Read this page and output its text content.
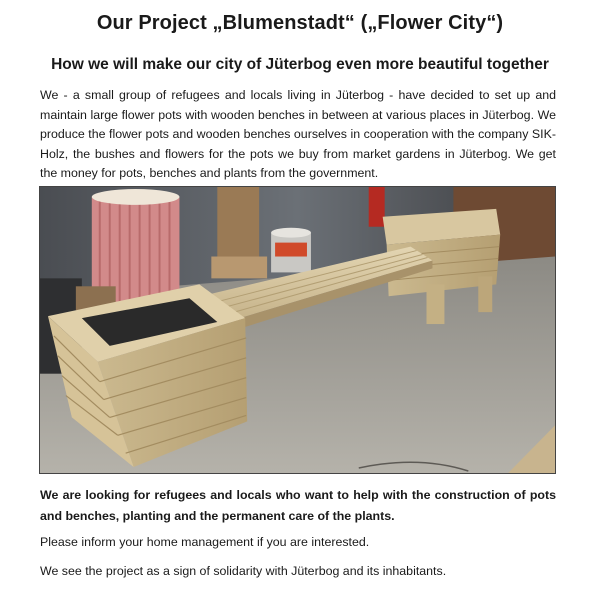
Our Project „Blumenstadt“ („Flower City“)
How we will make our city of Jüterbog even more beautiful together

We - a small group of refugees and locals living in Jüterbog - have decided to set up and maintain large flower pots with wooden benches in between at various places in Jüterbog. We produce the flower pots and wooden benches ourselves in cooperation with the company SIK-Holz, the bushes and flowers for the pots we buy from market gardens in Jüterbog. We get the money for pots, benches and plants from the government.

We are looking for refugees and locals who want to help with the construction of pots and benches, planting and the permanent care of the plants.

Please inform your home management if you are interested.

We see the project as a sign of solidarity with Jüterbog and its inhabitants.
